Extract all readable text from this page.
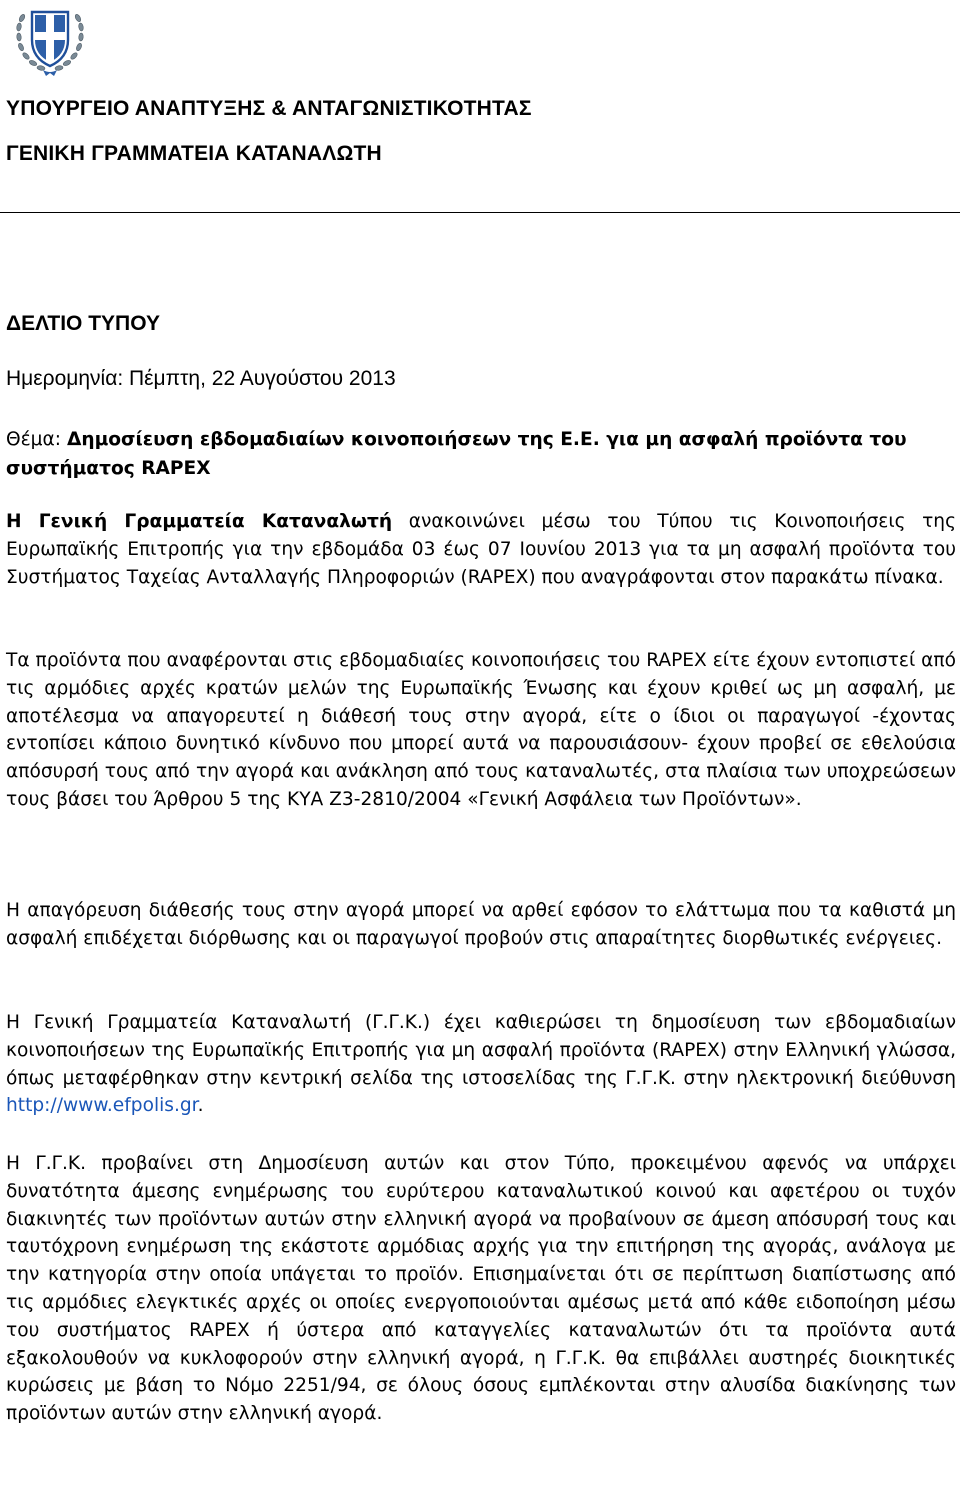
ΥΠΟΥΡΓΕΙΟ ΑΝΑΠΤΥΞΗΣ & ΑΝΤΑΓΩΝΙΣΤΙΚΟΤΗΤΑΣ
ΓΕΝΙΚΗ ΓΡΑΜΜΑΤΕΙΑ ΚΑΤΑΝΑΛΩΤΗ
ΔΕΛΤΙΟ ΤΥΠΟΥ
Ημερομηνία: Πέμπτη, 22 Αυγούστου 2013
Θέμα: Δημοσίευση εβδομαδιαίων κοινοποιήσεων της Ε.Ε. για μη ασφαλή προϊόντα του συστήματος RAPEX
Η Γενική Γραμματεία Καταναλωτή ανακοινώνει μέσω του Τύπου τις Κοινοποιήσεις της Ευρωπαϊκής Επιτροπής για την εβδομάδα 03 έως 07 Ιουνίου 2013 για τα μη ασφαλή προϊόντα του Συστήματος Ταχείας Ανταλλαγής Πληροφοριών (RAPEX) που αναγράφονται στον παρακάτω πίνακα.
Τα προϊόντα που αναφέρονται στις εβδομαδιαίες κοινοποιήσεις του RAPEX είτε έχουν εντοπιστεί από τις αρμόδιες αρχές κρατών μελών της Ευρωπαϊκής Ένωσης και έχουν κριθεί ως μη ασφαλή, με αποτέλεσμα να απαγορευτεί η διάθεσή τους στην αγορά, είτε ο ίδιοι οι παραγωγοί -έχοντας εντοπίσει κάποιο δυνητικό κίνδυνο που μπορεί αυτά να παρουσιάσουν- έχουν προβεί σε εθελούσια απόσυρσή τους από την αγορά και ανάκληση από τους καταναλωτές, στα πλαίσια των υποχρεώσεων τους βάσει του Άρθρου 5 της ΚΥΑ Ζ3-2810/2004 «Γενική Ασφάλεια των Προϊόντων».
Η απαγόρευση διάθεσής τους στην αγορά μπορεί να αρθεί εφόσον το ελάττωμα που τα καθιστά μη ασφαλή επιδέχεται διόρθωσης και οι παραγωγοί προβούν στις απαραίτητες διορθωτικές ενέργειες.
Η Γενική Γραμματεία Καταναλωτή (Γ.Γ.Κ.) έχει καθιερώσει τη δημοσίευση των εβδομαδιαίων κοινοποιήσεων της Ευρωπαϊκής Επιτροπής για μη ασφαλή προϊόντα (RAPEX) στην Ελληνική γλώσσα, όπως μεταφέρθηκαν στην κεντρική σελίδα της ιστοσελίδας της Γ.Γ.Κ. στην ηλεκτρονική διεύθυνση http://www.efpolis.gr.
Η Γ.Γ.Κ. προβαίνει στη Δημοσίευση αυτών και στον Τύπο, προκειμένου αφενός να υπάρχει δυνατότητα άμεσης ενημέρωσης του ευρύτερου καταναλωτικού κοινού και αφετέρου οι τυχόν διακινητές των προϊόντων αυτών στην ελληνική αγορά να προβαίνουν σε άμεση απόσυρσή τους και ταυτόχρονη ενημέρωση της εκάστοτε αρμόδιας αρχής για την επιτήρηση της αγοράς, ανάλογα με την κατηγορία στην οποία υπάγεται το προϊόν. Επισημαίνεται ότι σε περίπτωση διαπίστωσης από τις αρμόδιες ελεγκτικές αρχές οι οποίες ενεργοποιούνται αμέσως μετά από κάθε ειδοποίηση μέσω του συστήματος RAPEX ή ύστερα από καταγγελίες καταναλωτών ότι τα προϊόντα αυτά εξακολουθούν να κυκλοφορούν στην ελληνική αγορά, η Γ.Γ.Κ. θα επιβάλλει αυστηρές διοικητικές κυρώσεις με βάση το Νόμο 2251/94, σε όλους όσους εμπλέκονται στην αλυσίδα διακίνησης των προϊόντων αυτών στην ελληνική αγορά.
